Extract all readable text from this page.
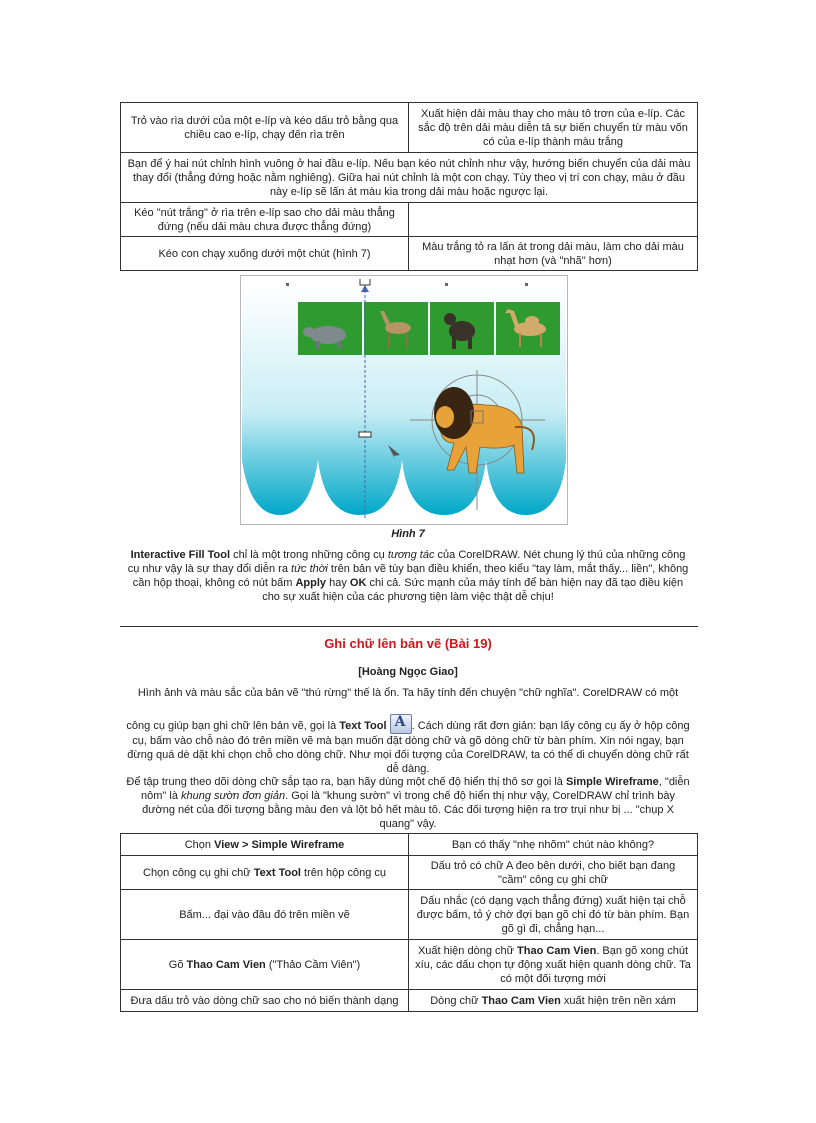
Trỏ vào rìa dưới của một e-líp và kéo dấu trỏ bằng qua chiều cao e-líp, chạy đến rìa trên	Xuất hiện dải màu thay cho màu tô trơn của e-líp. Các sắc độ trên dải màu diễn tả sự biến chuyển từ màu vốn có của e-líp thành màu trắng
Bạn để ý hai nút chỉnh hình vuông ở hai đầu e-líp. Nếu bạn kéo nút chỉnh như vậy, hướng biến chuyển của dải màu thay đổi (thẳng đứng hoặc nằm nghiêng). Giữa hai nút chỉnh là một con chạy. Tùy theo vị trí con chạy, màu ở đầu này e-líp sẽ lấn át màu kia trong dải màu hoặc ngược lại.	
Kéo "nút trắng" ở rìa trên e-líp sao cho dải màu thẳng đứng (nếu dải màu chưa được thẳng đứng)	
Kéo con chạy xuống dưới một chút (hình 7)	Màu trắng tỏ ra lấn át trong dải màu, làm cho dải màu nhạt hơn (và "nhã" hơn)
Hình 7
Interactive Fill Tool chỉ là một trong những công cụ tương tác của CorelDRAW. Nét chung lý thú của những công cụ như vậy là sự thay đổi diễn ra tức thời trên bản vẽ tùy bạn điều khiển, theo kiểu "tay làm, mắt thấy... liền", không cần hộp thoại, không có nút bấm Apply hay OK chi cả. Sức mạnh của máy tính để bàn hiện nay đã tạo điều kiện cho sự xuất hiện của các phương tiện làm việc thật dễ chịu!
Ghi chữ lên bản vẽ (Bài 19)
[Hoàng Ngọc Giao]
Hình ảnh và màu sắc của bản vẽ "thú rừng" thế là ổn. Ta hãy tính đến chuyện "chữ nghĩa". CorelDRAW có một

công cụ giúp bạn ghi chữ lên bản vẽ, gọi là Text Tool A . Cách dùng rất đơn giản: bạn lấy công cụ ấy ở hộp công cụ, bấm vào chỗ nào đó trên miền vẽ mà bạn muốn đặt dòng chữ và gõ dòng chữ từ bàn phím. Xin nói ngay, bạn đừng quá dè dặt khi chọn chỗ cho dòng chữ. Như mọi đối tượng của CorelDRAW, ta có thể di chuyển dòng chữ rất dễ dàng.
Để tập trung theo dõi dòng chữ sắp tạo ra, bạn hãy dùng một chế độ hiển thị thô sơ gọi là Simple Wireframe, "diễn nôm" là khung sườn đơn giản. Gọi là "khung sườn" vì trong chế độ hiển thị như vậy, CorelDRAW chỉ trình bày đường nét của đối tượng bằng màu đen và lột bỏ hết màu tô. Các đối tượng hiện ra trơ trụi như bị ... "chụp X quang" vậy.
Chọn View > Simple Wireframe	Bạn có thấy "nhẹ nhõm" chút nào không?
Chọn công cụ ghi chữ Text Tool trên hộp công cụ	Dấu trỏ có chữ A đeo bên dưới, cho biết bạn đang "cầm" công cụ ghi chữ
Bấm... đại vào đâu đó trên miền vẽ	Dấu nhắc (có dạng vạch thẳng đứng) xuất hiện tại chỗ được bấm, tỏ ý chờ đợi bạn gõ chi đó từ bàn phím. Bạn gõ gì đi, chẳng hạn...
Gõ Thao Cam Vien ("Thảo Cầm Viên")	Xuất hiện dòng chữ Thao Cam Vien. Bạn gõ xong chút xíu, các dấu chọn tự động xuất hiện quanh dòng chữ. Ta có một đối tượng mới
Đưa dấu trỏ vào dòng chữ sao cho nó biến thành dạng	Dòng chữ Thao Cam Vien xuất hiện trên nền xám
